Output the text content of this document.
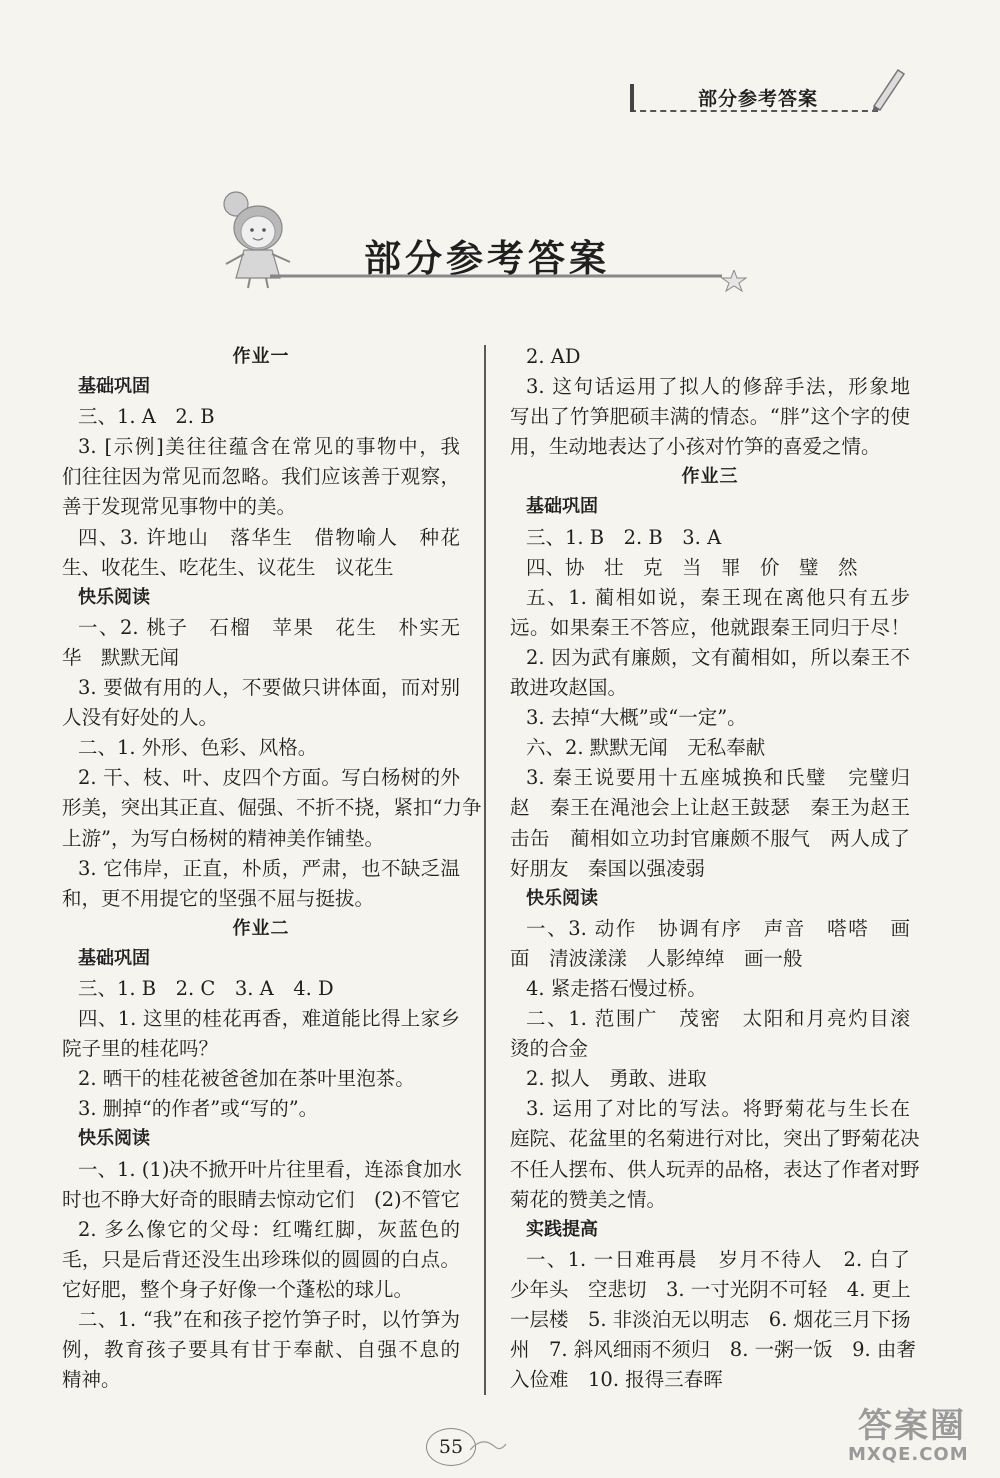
部分参考答案
部分参考答案
作业一
基础巩固
三、1. A　2. B
3. [示例]美往往蕴含在常见的事物中，我
们往往因为常见而忽略。我们应该善于观察，
善于发现常见事物中的美。
四、3. 许地山　落华生　借物喻人　种花
生、收花生、吃花生、议花生　议花生
快乐阅读
一、2. 桃子　石榴　苹果　花生　朴实无
华　默默无闻
3. 要做有用的人，不要做只讲体面，而对别
人没有好处的人。
二、1. 外形、色彩、风格。
2. 干、枝、叶、皮四个方面。写白杨树的外
形美，突出其正直、倔强、不折不挠，紧扣“力争
上游”，为写白杨树的精神美作铺垫。
3. 它伟岸，正直，朴质，严肃，也不缺乏温
和，更不用提它的坚强不屈与挺拔。
作业二
基础巩固
三、1. B　2. C　3. A　4. D
四、1. 这里的桂花再香，难道能比得上家乡
院子里的桂花吗？
2. 晒干的桂花被爸爸加在茶叶里泡茶。
3. 删掉“的作者”或“写的”。
快乐阅读
一、1. (1)决不掀开叶片往里看，连添食加水
时也不睁大好奇的眼睛去惊动它们　(2)不管它
2. 多么像它的父母：红嘴红脚，灰蓝色的
毛，只是后背还没生出珍珠似的圆圆的白点。
它好肥，整个身子好像一个蓬松的球儿。
二、1. “我”在和孩子挖竹笋子时，以竹笋为
例，教育孩子要具有甘于奉献、自强不息的
精神。
2. AD
3. 这句话运用了拟人的修辞手法，形象地
写出了竹笋肥硕丰满的情态。“胖”这个字的使
用，生动地表达了小孩对竹笋的喜爱之情。
作业三
基础巩固
三、1. B　2. B　3. A
四、协　壮　克　当　罪　价　璧　然
五、1. 蔺相如说，秦王现在离他只有五步
远。如果秦王不答应，他就跟秦王同归于尽！
2. 因为武有廉颇，文有蔺相如，所以秦王不
敢进攻赵国。
3. 去掉“大概”或“一定”。
六、2. 默默无闻　无私奉献
3. 秦王说要用十五座城换和氏璧　完璧归
赵　秦王在渑池会上让赵王鼓瑟　秦王为赵王
击缶　蔺相如立功封官廉颇不服气　两人成了
好朋友　秦国以强凌弱
快乐阅读
一、3. 动作　协调有序　声音　嗒嗒　画
面　清波漾漾　人影绰绰　画一般
4. 紧走搭石慢过桥。
二、1. 范围广　茂密　太阳和月亮灼目滚
烫的合金
2. 拟人　勇敢、进取
3. 运用了对比的写法。将野菊花与生长在
庭院、花盆里的名菊进行对比，突出了野菊花决
不任人摆布、供人玩弄的品格，表达了作者对野
菊花的赞美之情。
实践提高
一、1. 一日难再晨　岁月不待人　2. 白了
少年头　空悲切　3. 一寸光阴不可轻　4. 更上
一层楼　5. 非淡泊无以明志　6. 烟花三月下扬
州　7. 斜风细雨不须归　8. 一粥一饭　9. 由奢
入俭难　10. 报得三春晖
55
答案圈
MXQE.COM
